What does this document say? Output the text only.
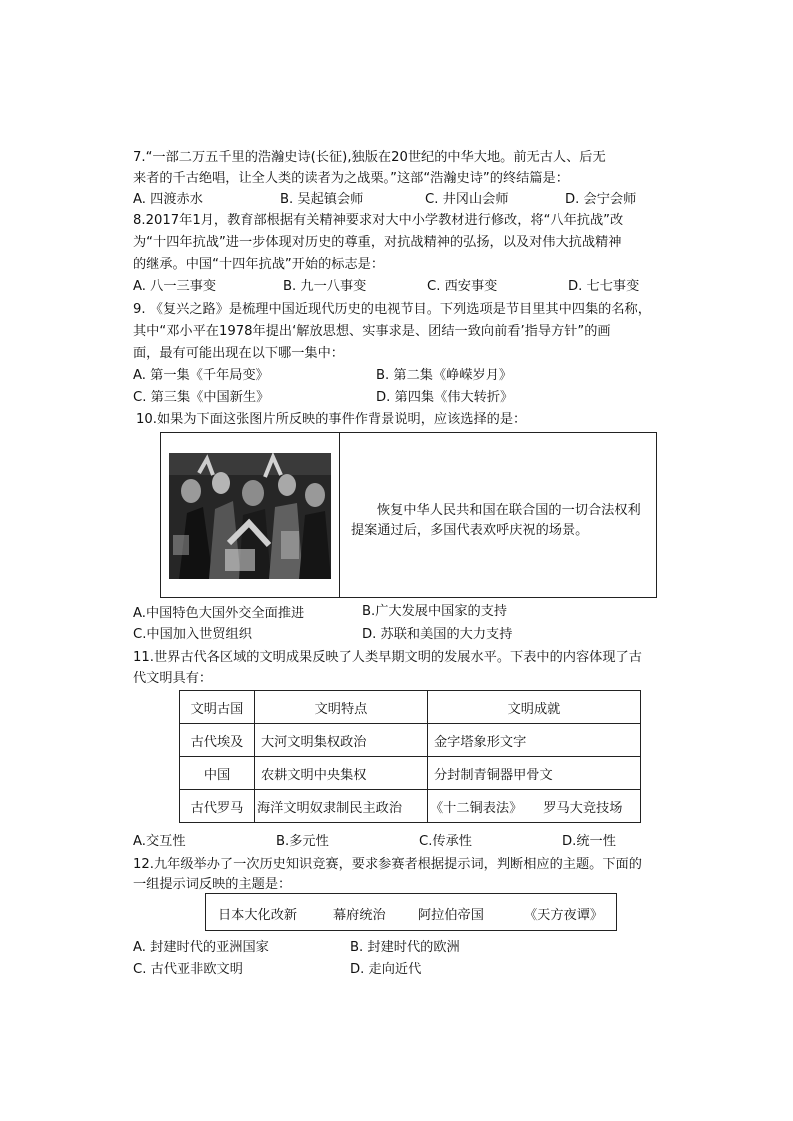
7.“一部二万五千里的浩瀚史诗(长征),独版在20世纪的中华大地。前无古人、后无
来者的千古绝唱，让全人类的读者为之战栗。”这部“浩瀚史诗”的终结篇是：
A. 四渡赤水	B. 吴起镇会师	C. 井冈山会师	D. 会宁会师
8.2017年1月，教育部根据有关精神要求对大中小学教材进行修改，将“八年抗战”改
为“十四年抗战”进一步体现对历史的尊重，对抗战精神的弘扬，以及对伟大抗战精神
的继承。中国“十四年抗战”开始的标志是：
A. 八一三事变	B. 九一八事变	C. 西安事变	D. 七七事变
9. 《复兴之路》是梳理中国近现代历史的电视节目。下列选项是节目里其中四集的名称，
其中“邓小平在1978年提出‘解放思想、实事求是、团结一致向前看’指导方针”的画
面，最有可能出现在以下哪一集中：
A. 第一集《千年局变》	B. 第二集《峥嵘岁月》
C. 第三集《中国新生》	D. 第四集《伟大转折》
10.如果为下面这张图片所反映的事件作背景说明，应该选择的是：
恢复中华人民共和国在联合国的一切合法权利提案通过后，多国代表欢呼庆祝的场景。
A.中国特色大国外交全面推进	B.广大发展中国家的支持
C.中国加入世贸组织	D. 苏联和美国的大力支持
11.世界古代各区域的文明成果反映了人类早期文明的发展水平。下表中的内容体现了古
代文明具有：
文明古国	文明特点	文明成就
古代埃及	大河文明集权政治	金字塔象形文字
中国	农耕文明中央集权	分封制青铜器甲骨文
古代罗马	海洋文明奴隶制民主政治	《十二铜表法》     罗马大竞技场
A.交互性	B.多元性	C.传承性	D.统一性
12.九年级举办了一次历史知识竞赛，要求参赛者根据提示词，判断相应的主题。下面的
一组提示词反映的主题是：
日本大化改新	幕府统治 阿拉伯帝国	《天方夜谭》
A. 封建时代的亚洲国家	B. 封建时代的欧洲
C. 古代亚非欧文明	D. 走向近代
